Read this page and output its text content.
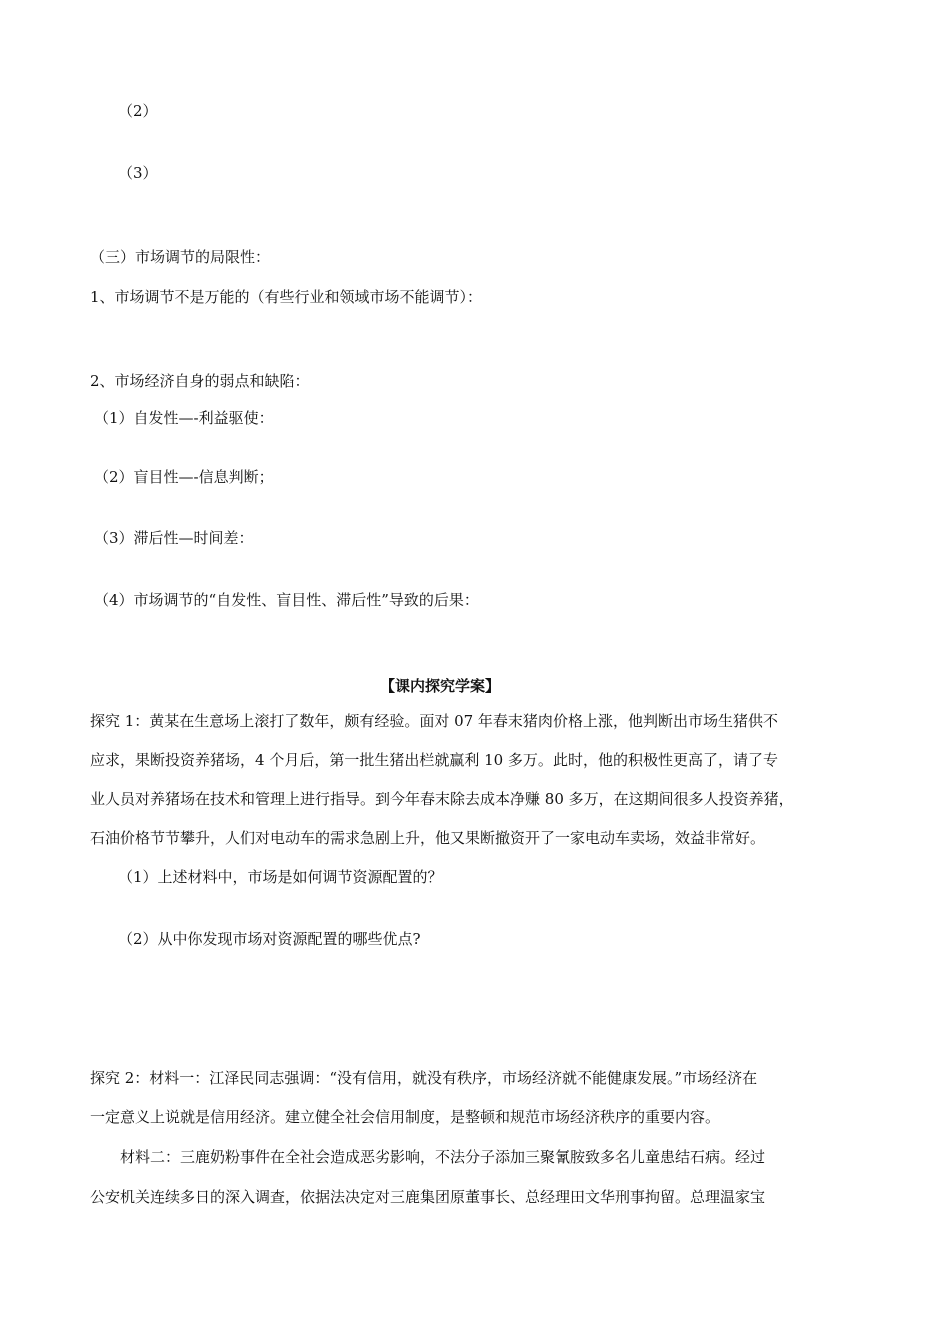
（2）
（3）
（三）市场调节的局限性：
1、市场调节不是万能的（有些行业和领域市场不能调节）：
2、市场经济自身的弱点和缺陷：
（1）自发性—-利益驱使：
（2）盲目性—-信息判断；
（3）滞后性—时间差：
（4）市场调节的“自发性、盲目性、滞后性”导致的后果：
【课内探究学案】
探究 1：黄某在生意场上滚打了数年，颇有经验。面对 07 年春末猪肉价格上涨，他判断出市场生猪供不
应求，果断投资养猪场，4 个月后，第一批生猪出栏就赢利 10 多万。此时，他的积极性更高了，请了专
业人员对养猪场在技术和管理上进行指导。到今年春末除去成本净赚 80 多万，在这期间很多人投资养猪，
石油价格节节攀升，人们对电动车的需求急剧上升，他又果断撤资开了一家电动车卖场，效益非常好。
（1）上述材料中，市场是如何调节资源配置的？
（2）从中你发现市场对资源配置的哪些优点?
探究 2：材料一：江泽民同志强调：“没有信用，就没有秩序，市场经济就不能健康发展。”市场经济在
一定意义上说就是信用经济。建立健全社会信用制度，是整顿和规范市场经济秩序的重要内容。
材料二：三鹿奶粉事件在全社会造成恶劣影响，不法分子添加三聚氰胺致多名儿童患结石病。经过
公安机关连续多日的深入调查，依据法决定对三鹿集团原董事长、总经理田文华刑事拘留。总理温家宝
